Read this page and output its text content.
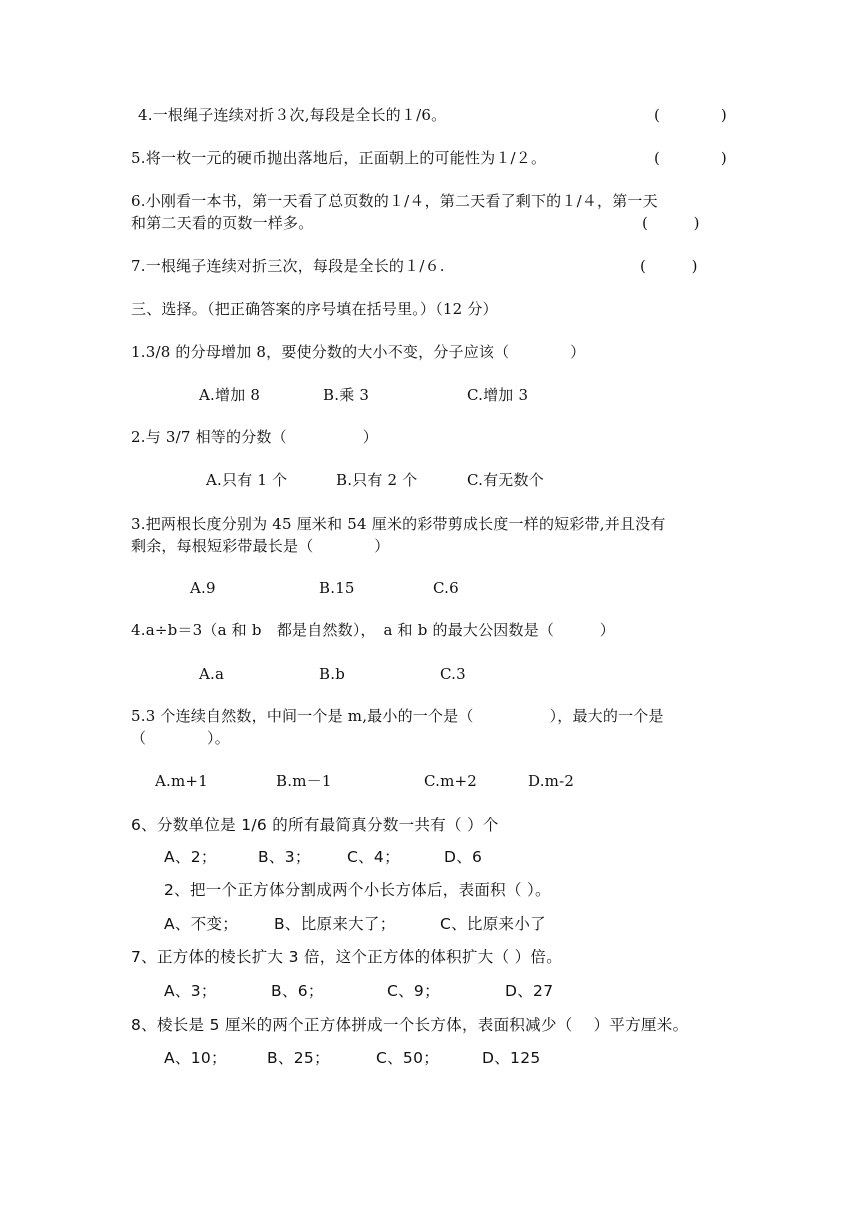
4.一根绳子连续对折３次,每段是全长的１/6。	(　　　　)
5.将一枚一元的硬币抛出落地后，正面朝上的可能性为１/２。	(　　　　)
6.小刚看一本书，第一天看了总页数的１/４，第二天看了剩下的１/４，第一天
和第二天看的页数一样多。	(　　　)
7.一根绳子连续对折三次，每段是全长的１/６.	(　　　)
三、选择。（把正确答案的序号填在括号里。）（12 分）
1.3/8 的分母增加 8，要使分数的大小不变，分子应该（　　　　）
A.增加 8	B.乘 3	C.增加 3
2.与 3/7 相等的分数（　　　　　）
A.只有 1 个	B.只有 2 个	C.有无数个
3.把两根长度分别为 45 厘米和 54 厘米的彩带剪成长度一样的短彩带,并且没有
剩余，每根短彩带最长是（　　　　）
A.9	B.15	C.6
4.a÷b＝3（a 和 b　都是自然数），　a 和 b 的最大公因数是（　　　）
A.a	B.b	C.3
5.3 个连续自然数，中间一个是 m,最小的一个是（　　　　　），最大的一个是
（　　　　）。
A.m+1	B.m－1	C.m+2	D.m-2
6、分数单位是 1/6 的所有最简真分数一共有（ ）个
A、2；	B、3； C、4；	D、6
2、把一个正方体分割成两个小长方体后，表面积（ ）。
A、不变； B、比原来大了；	C、比原来小了
7、正方体的棱长扩大 3 倍，这个正方体的体积扩大（ ）倍。
A、3；	B、6；	C、9；	D、27
8、棱长是 5 厘米的两个正方体拼成一个长方体，表面积减少（　 ）平方厘米。
A、10；	B、25；	C、50；	D、125
